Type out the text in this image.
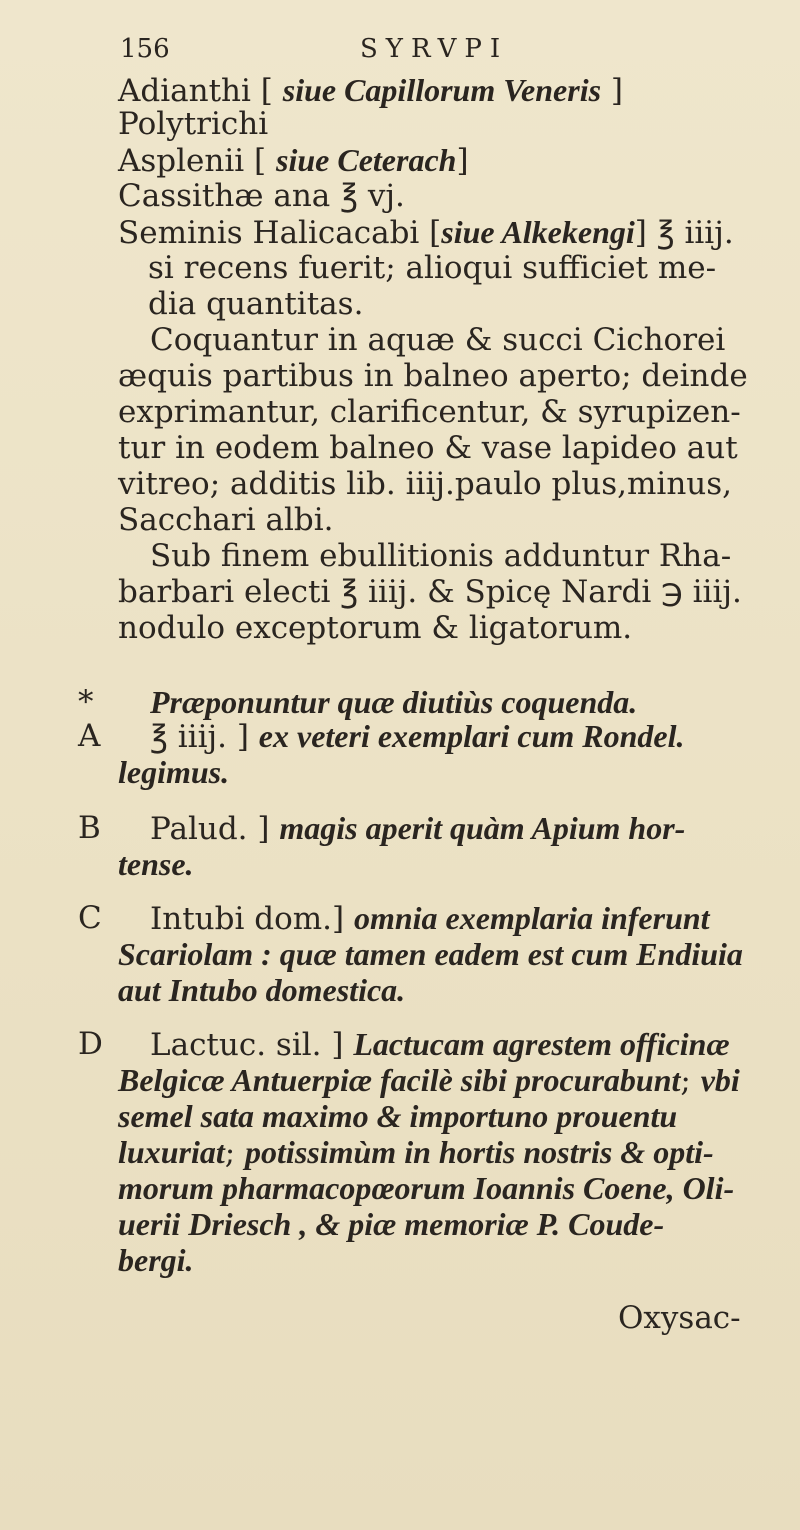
156	SYRVPI
Adianthi [ siue Capillorum Veneris ]
Polytrichi
Asplenii [ siue Ceterach]
Cassithæ ana ℥ vj.
Seminis Halicacabi [siue Alkekengi] ℥ iiij.
si recens fuerit; alioqui sufficiet me-
dia quantitas.
Coquantur in aquæ & succi Cichorei
æquis partibus in balneo aperto; deinde
exprimantur, clarificentur, & syrupizen-
tur in eodem balneo & vase lapideo aut
vitreo; additis lib. iiij.paulo plus,minus,
Sacchari albi.
Sub finem ebullitionis adduntur Rha-
barbari electi ℥ iiij. & Spicę Nardi ℈ iiij.
nodulo exceptorum & ligatorum.
Præponuntur quæ diutiùs coquenda.
℥ iiij. ] ex veteri exemplari cum Rondel.
legimus.
Palud. ] magis aperit quàm Apium hor-
tense.
Intubi dom.] omnia exemplaria inferunt
Scariolam : quæ tamen eadem est cum Endiuia
aut Intubo domestica.
Lactuc. sil. ] Lactucam agrestem officinæ
Belgicæ Antuerpiæ facilè sibi procurabunt; vbi
semel sata maximo & importuno prouentu
luxuriat; potissimùm in hortis nostris & opti-
morum pharmacopœorum Ioannis Coene, Oli-
uerii Driesch , & piæ memoriæ P. Coude-
bergi.
*
A
B
C
D
Oxysac-
